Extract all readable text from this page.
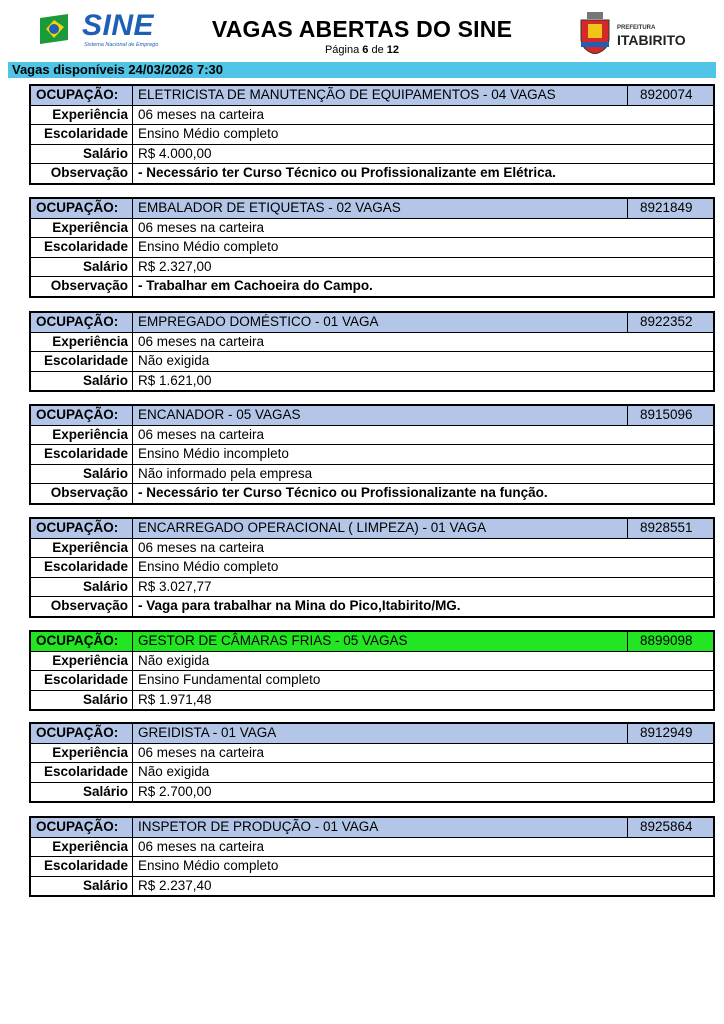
SINE
Sistema Nacional de Emprego
VAGAS ABERTAS DO SINE
Página 6 de 12
PREFEITURA
ITABIRITO
Vagas disponíveis 24/03/2026 7:30
OCUPAÇÃO:	ELETRICISTA DE MANUTENÇÃO DE EQUIPAMENTOS - 04 VAGAS	8920074
Experiência 06 meses na carteira
Escolaridade Ensino Médio completo
Salário R$ 4.000,00
Observação - Necessário ter Curso Técnico ou Profissionalizante em Elétrica.
OCUPAÇÃO:	EMBALADOR DE ETIQUETAS - 02 VAGAS	8921849
Experiência 06 meses na carteira
Escolaridade Ensino Médio completo
Salário R$ 2.327,00
Observação - Trabalhar em Cachoeira do Campo.
OCUPAÇÃO:	EMPREGADO DOMÉSTICO - 01 VAGA	8922352
Experiência 06 meses na carteira
Escolaridade Não exigida
Salário R$ 1.621,00
OCUPAÇÃO:	ENCANADOR - 05 VAGAS	8915096
Experiência 06 meses na carteira
Escolaridade Ensino Médio incompleto
Salário Não informado pela empresa
Observação - Necessário ter Curso Técnico ou Profissionalizante na função.
OCUPAÇÃO:	ENCARREGADO OPERACIONAL ( LIMPEZA) - 01 VAGA	8928551
Experiência 06 meses na carteira
Escolaridade Ensino Médio completo
Salário R$ 3.027,77
Observação - Vaga para trabalhar na Mina do Pico,Itabirito/MG.
OCUPAÇÃO:	GESTOR DE CÂMARAS FRIAS - 05 VAGAS	8899098
Experiência Não exigida
Escolaridade Ensino Fundamental completo
Salário R$ 1.971,48
OCUPAÇÃO:	GREIDISTA - 01 VAGA	8912949
Experiência 06 meses na carteira
Escolaridade Não exigida
Salário R$ 2.700,00
OCUPAÇÃO:	INSPETOR DE PRODUÇÃO - 01 VAGA	8925864
Experiência 06 meses na carteira
Escolaridade Ensino Médio completo
Salário R$ 2.237,40
